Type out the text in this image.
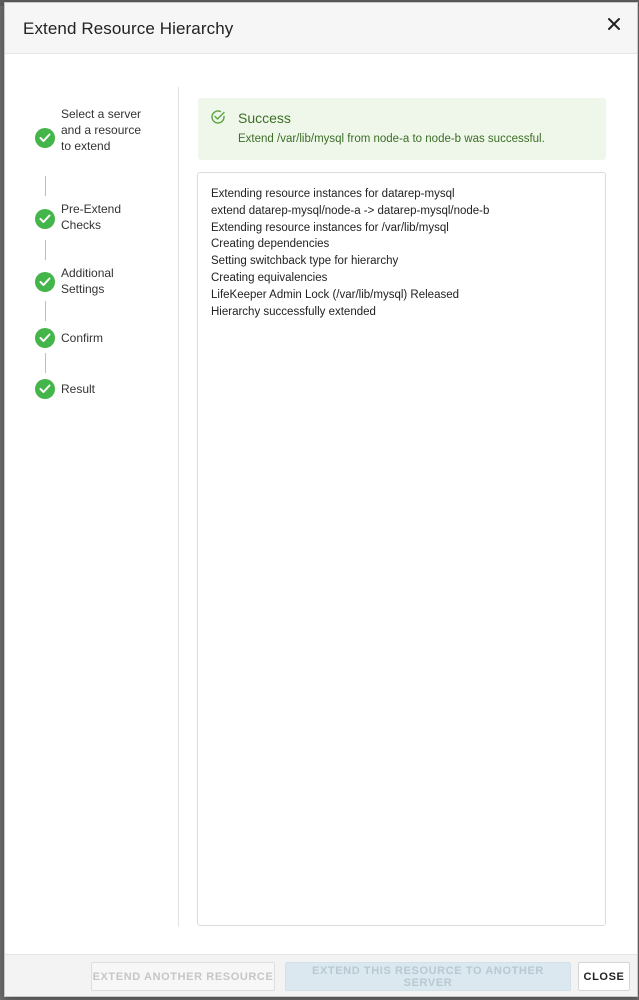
Extend Resource Hierarchy
Select a server and a resource to extend
Pre-Extend Checks
Additional Settings
Confirm
Result
Success
Extend /var/lib/mysql from node-a to node-b was successful.
Extending resource instances for datarep-mysql
extend datarep-mysql/node-a -> datarep-mysql/node-b
Extending resource instances for /var/lib/mysql
Creating dependencies
Setting switchback type for hierarchy
Creating equivalencies
LifeKeeper Admin Lock (/var/lib/mysql) Released
Hierarchy successfully extended
EXTEND ANOTHER RESOURCE	EXTEND THIS RESOURCE TO ANOTHER SERVER	CLOSE
